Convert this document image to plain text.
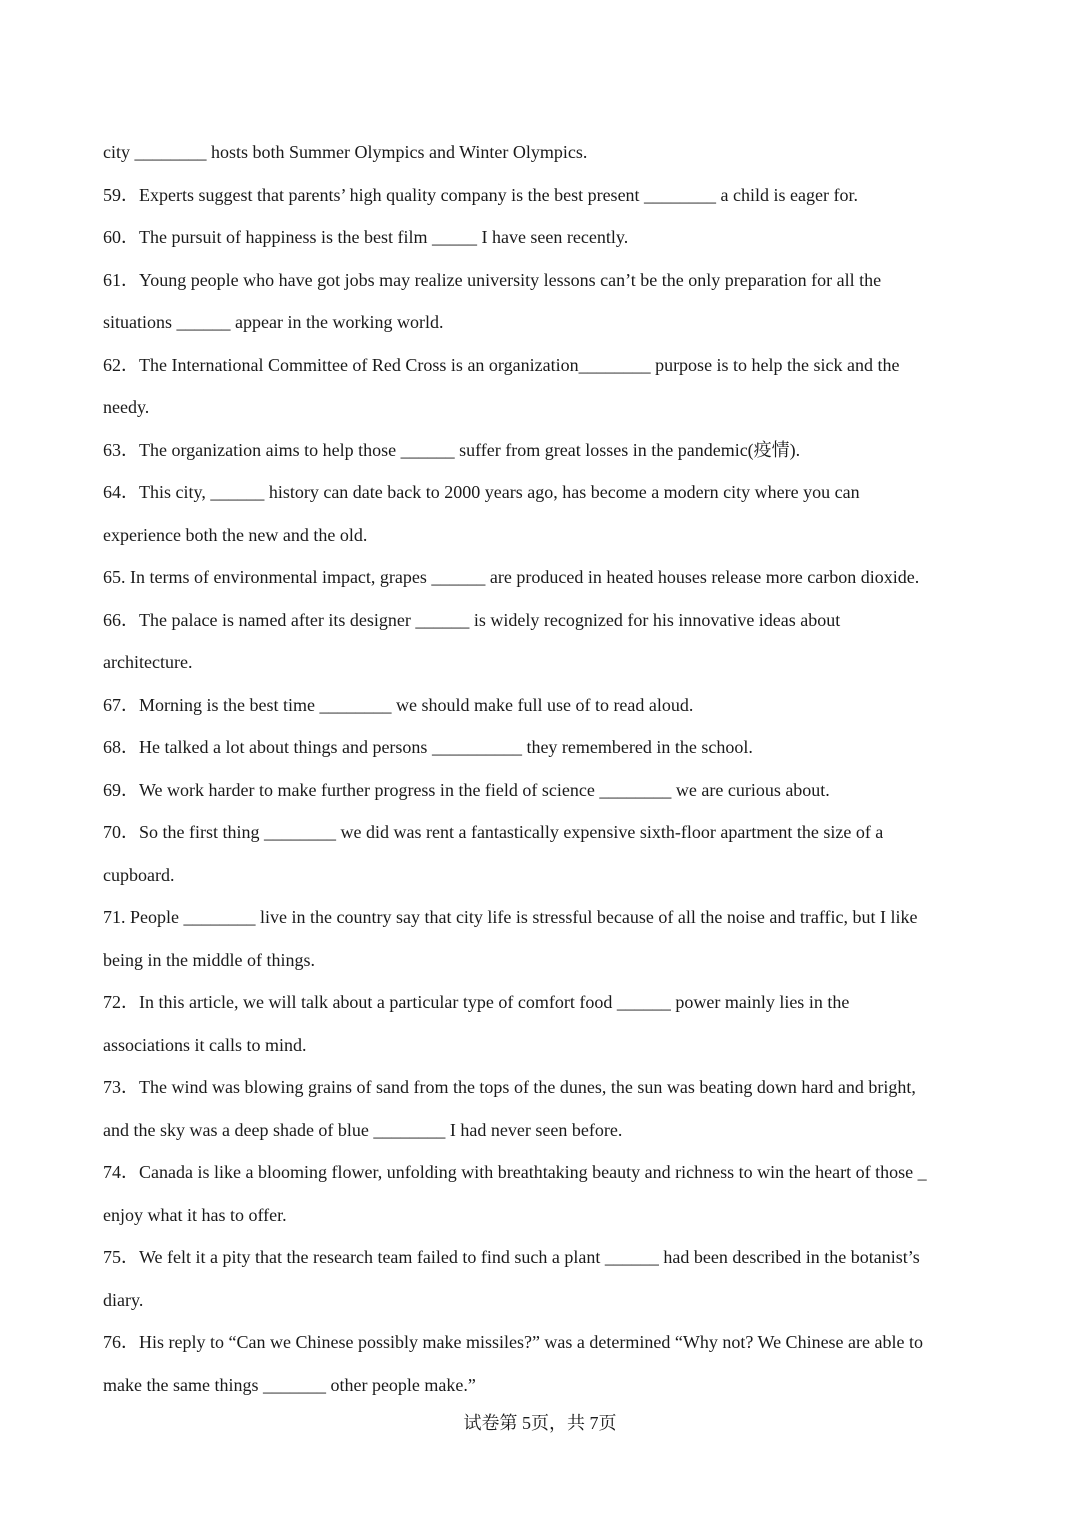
city ________ hosts both Summer Olympics and Winter Olympics.
59．Experts suggest that parents’ high quality company is the best present ________ a child is eager for.
60．The pursuit of happiness is the best film _____ I have seen recently.
61．Young people who have got jobs may realize university lessons can’t be the only preparation for all the
situations ______ appear in the working world.
62．The International Committee of Red Cross is an organization________ purpose is to help the sick and the
needy.
63．The organization aims to help those ______ suffer from great losses in the pandemic(疫情).
64．This city, ______ history can date back to 2000 years ago, has become a modern city where you can
experience both the new and the old.
65. In terms of environmental impact, grapes ______ are produced in heated houses release more carbon dioxide.
66．The palace is named after its designer ______ is widely recognized for his innovative ideas about
architecture.
67．Morning is the best time ________ we should make full use of to read aloud.
68．He talked a lot about things and persons __________ they remembered in the school.
69．We work harder to make further progress in the field of science ________ we are curious about.
70．So the first thing ________ we did was rent a fantastically expensive sixth-floor apartment the size of a
cupboard.
71. People ________ live in the country say that city life is stressful because of all the noise and traffic, but I like
being in the middle of things.
72．In this article, we will talk about a particular type of comfort food ______ power mainly lies in the
associations it calls to mind.
73．The wind was blowing grains of sand from the tops of the dunes, the sun was beating down hard and bright,
and the sky was a deep shade of blue ________ I had never seen before.
74．Canada is like a blooming flower, unfolding with breathtaking beauty and richness to win the heart of those _
enjoy what it has to offer.
75．We felt it a pity that the research team failed to find such a plant ______ had been described in the botanist’s
diary.
76．His reply to “Can we Chinese possibly make missiles?” was a determined “Why not? We Chinese are able to
make the same things _______ other people make.”
试卷第 5页，共 7页
